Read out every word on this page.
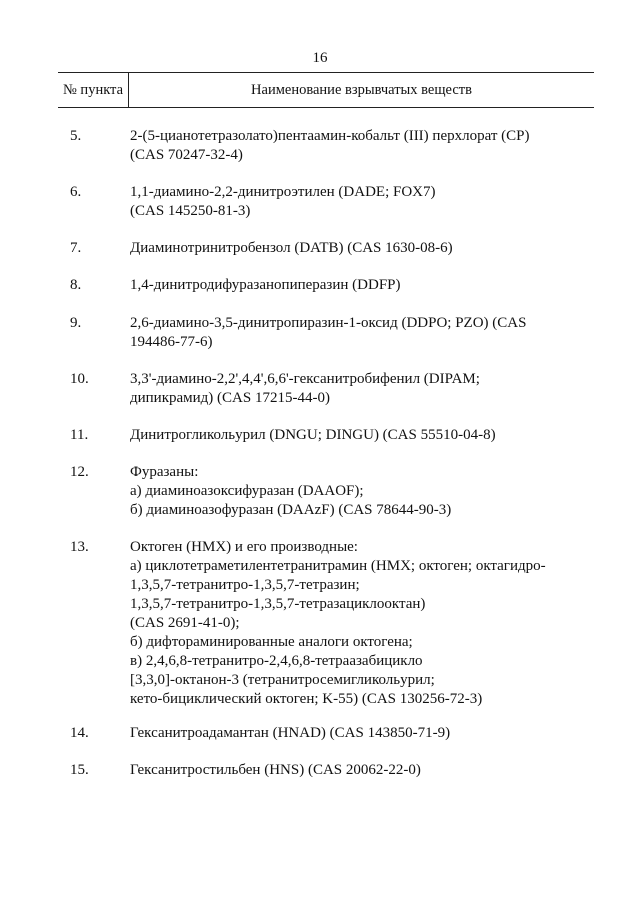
16
№ пункта	Наименование взрывчатых веществ
5.	2-(5-цианотетразолато)пентаамин-кобальт (III) перхлорат (CP)
(CAS 70247-32-4)
6.	1,1-диамино-2,2-динитроэтилен (DADE; FOX7)
(CAS 145250-81-3)
7.	Диаминотринитробензол (DATB) (CAS 1630-08-6)
8.	1,4-динитродифуразанопиперазин (DDFP)
9.	2,6-диамино-3,5-динитропиразин-1-оксид (DDPO; PZO) (CAS
194486-77-6)
10.	3,3'-диамино-2,2',4,4',6,6'-гексанитробифенил (DIPAM;
дипикрамид) (CAS 17215-44-0)
11.	Динитрогликольурил (DNGU; DINGU) (CAS 55510-04-8)
12.	Фуразаны:
а) диаминоазоксифуразан (DAAOF);
б) диаминоазофуразан (DAAzF) (CAS 78644-90-3)
13.	Октоген (HMX) и его производные:
а) циклотетраметилентетранитрамин (HMX; октоген; октагидро-
1,3,5,7-тетранитро-1,3,5,7-тетразин;
1,3,5,7-тетранитро-1,3,5,7-тетразациклооктан)
(CAS 2691-41-0);
б) дифтораминированные аналоги октогена;
в) 2,4,6,8-тетранитро-2,4,6,8-тетраазабицикло
[3,3,0]-октанон-3 (тетранитросемигликольурил;
кето-бициклический октоген; K-55) (CAS 130256-72-3)
14.	Гексанитроадамантан (HNAD) (CAS 143850-71-9)
15.	Гексанитростильбен (HNS) (CAS 20062-22-0)
